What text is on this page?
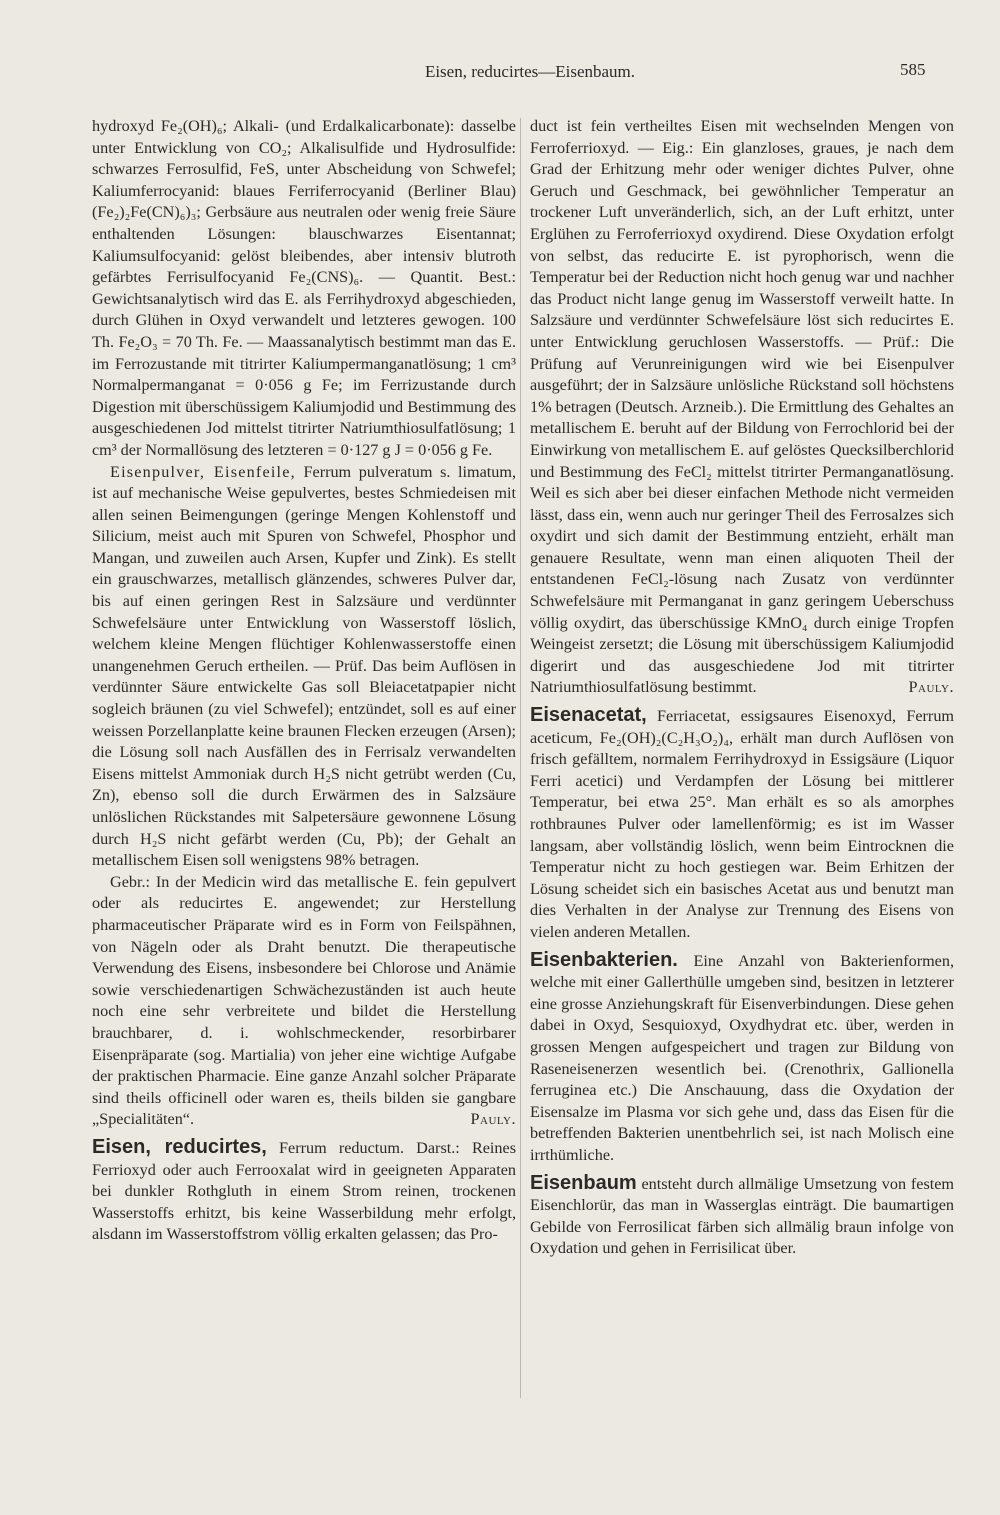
Eisen, reducirtes—Eisenbaum.	585

hydroxyd Fe₂(OH)₆; Alkali- (und Erdalkalicarbonate): dasselbe unter Entwicklung von CO₂; Alkalisulfide und Hydrosulfide: schwarzes Ferrosulfid, FeS, unter Abscheidung von Schwefel; Kaliumferrocyanid: blaues Ferriferrocyanid (Berliner Blau) (Fe₂)₂Fe(CN)₆)₃; Gerbsäure aus neutralen oder wenig freie Säure enthaltenden Lösungen: blauschwarzes Eisentannat; Kaliumsulfocyanid: gelöst bleibendes, aber intensiv blutroth gefärbtes Ferrisulfocyanid Fe₂(CNS)₆. — Quantit. Best.: Gewichtsanalytisch wird das E. als Ferrihydroxyd abgeschieden, durch Glühen in Oxyd verwandelt und letzteres gewogen. 100 Th. Fe₂O₃ = 70 Th. Fe. — Maassanalytisch bestimmt man das E. im Ferrozustande mit titrirter Kaliumpermanganatlösung; 1 cm³ Normalpermanganat = 0·056 g Fe; im Ferrizustande durch Digestion mit überschüssigem Kaliumjodid und Bestimmung des ausgeschiedenen Jod mittelst titrirter Natriumthiosulfatlösung; 1 cm³ der Normallösung des letzteren = 0·127 g J = 0·056 g Fe.

Eisenpulver, Eisenfeile, Ferrum pulveratum s. limatum, ist auf mechanische Weise gepulvertes, bestes Schmiedeisen mit allen seinen Beimengungen (geringe Mengen Kohlenstoff und Silicium, meist auch mit Spuren von Schwefel, Phosphor und Mangan, und zuweilen auch Arsen, Kupfer und Zink). Es stellt ein grauschwarzes, metallisch glänzendes, schweres Pulver dar, bis auf einen geringen Rest in Salzsäure und verdünnter Schwefelsäure unter Entwicklung von Wasserstoff löslich, welchem kleine Mengen flüchtiger Kohlenwasserstoffe einen unangenehmen Geruch ertheilen. — Prüf. Das beim Auflösen in verdünnter Säure entwickelte Gas soll Bleiacetatpapier nicht sogleich bräunen (zu viel Schwefel); entzündet, soll es auf einer weissen Porzellanplatte keine braunen Flecken erzeugen (Arsen); die Lösung soll nach Ausfällen des in Ferrisalz verwandelten Eisens mittelst Ammoniak durch H₂S nicht getrübt werden (Cu, Zn), ebenso soll die durch Erwärmen des in Salzsäure unlöslichen Rückstandes mit Salpetersäure gewonnene Lösung durch H₂S nicht gefärbt werden (Cu, Pb); der Gehalt an metallischem Eisen soll wenigstens 98% betragen.

Gebr.: In der Medicin wird das metallische E. fein gepulvert oder als reducirtes E. angewendet; zur Herstellung pharmaceutischer Präparate wird es in Form von Feilspähnen, von Nägeln oder als Draht benutzt. Die therapeutische Verwendung des Eisens, insbesondere bei Chlorose und Anämie sowie verschiedenartigen Schwächezuständen ist auch heute noch eine sehr verbreitete und bildet die Herstellung brauchbarer, d. i. wohlschmeckender, resorbirbarer Eisenpräparate (sog. Martialia) von jeher eine wichtige Aufgabe der praktischen Pharmacie. Eine ganze Anzahl solcher Präparate sind theils officinell oder waren es, theils bilden sie gangbare „Specialitäten“.	Pauly.

Eisen, reducirtes, Ferrum reductum. Darst.: Reines Ferrioxyd oder auch Ferrooxalat wird in geeigneten Apparaten bei dunkler Rothgluth in einem Strom reinen, trockenen Wasserstoffs erhitzt, bis keine Wasserbildung mehr erfolgt, alsdann im Wasserstoffstrom völlig erkalten gelassen; das Pro-

duct ist fein vertheiltes Eisen mit wechselnden Mengen von Ferroferrioxyd. — Eig.: Ein glanzloses, graues, je nach dem Grad der Erhitzung mehr oder weniger dichtes Pulver, ohne Geruch und Geschmack, bei gewöhnlicher Temperatur an trockener Luft unveränderlich, sich, an der Luft erhitzt, unter Erglühen zu Ferroferrioxyd oxydirend. Diese Oxydation erfolgt von selbst, das reducirte E. ist pyrophorisch, wenn die Temperatur bei der Reduction nicht hoch genug war und nachher das Product nicht lange genug im Wasserstoff verweilt hatte. In Salzsäure und verdünnter Schwefelsäure löst sich reducirtes E. unter Entwicklung geruchlosen Wasserstoffs. — Prüf.: Die Prüfung auf Verunreinigungen wird wie bei Eisenpulver ausgeführt; der in Salzsäure unlösliche Rückstand soll höchstens 1% betragen (Deutsch. Arzneib.). Die Ermittlung des Gehaltes an metallischem E. beruht auf der Bildung von Ferrochlorid bei der Einwirkung von metallischem E. auf gelöstes Quecksilberchlorid und Bestimmung des FeCl₂ mittelst titrirter Permanganatlösung. Weil es sich aber bei dieser einfachen Methode nicht vermeiden lässt, dass ein, wenn auch nur geringer Theil des Ferrosalzes sich oxydirt und sich damit der Bestimmung entzieht, erhält man genauere Resultate, wenn man einen aliquoten Theil der entstandenen FeCl₂-lösung nach Zusatz von verdünnter Schwefelsäure mit Permanganat in ganz geringem Ueberschuss völlig oxydirt, das überschüssige KMnO₄ durch einige Tropfen Weingeist zersetzt; die Lösung mit überschüssigem Kaliumjodid digerirt und das ausgeschiedene Jod mit titrirter Natriumthiosulfatlösung bestimmt.	Pauly.

Eisenacetat, Ferriacetat, essigsaures Eisenoxyd, Ferrum aceticum, Fe₂(OH)₂(C₂H₃O₂)₄, erhält man durch Auflösen von frisch gefälltem, normalem Ferrihydroxyd in Essigsäure (Liquor Ferri acetici) und Verdampfen der Lösung bei mittlerer Temperatur, bei etwa 25°. Man erhält es so als amorphes rothbraunes Pulver oder lamellenförmig; es ist im Wasser langsam, aber vollständig löslich, wenn beim Eintrocknen die Temperatur nicht zu hoch gestiegen war. Beim Erhitzen der Lösung scheidet sich ein basisches Acetat aus und benutzt man dies Verhalten in der Analyse zur Trennung des Eisens von vielen anderen Metallen.

Eisenbakterien. Eine Anzahl von Bakterienformen, welche mit einer Gallerthülle umgeben sind, besitzen in letzterer eine grosse Anziehungskraft für Eisenverbindungen. Diese gehen dabei in Oxyd, Sesquioxyd, Oxydhydrat etc. über, werden in grossen Mengen aufgespeichert und tragen zur Bildung von Raseneisenerzen wesentlich bei. (Crenothrix, Gallionella ferruginea etc.) Die Anschauung, dass die Oxydation der Eisensalze im Plasma vor sich gehe und, dass das Eisen für die betreffenden Bakterien unentbehrlich sei, ist nach Molisch eine irrthümliche.

Eisenbaum entsteht durch allmälige Umsetzung von festem Eisenchlorür, das man in Wasserglas einträgt. Die baumartigen Gebilde von Ferrosilicat färben sich allmälig braun infolge von Oxydation und gehen in Ferrisilicat über.
